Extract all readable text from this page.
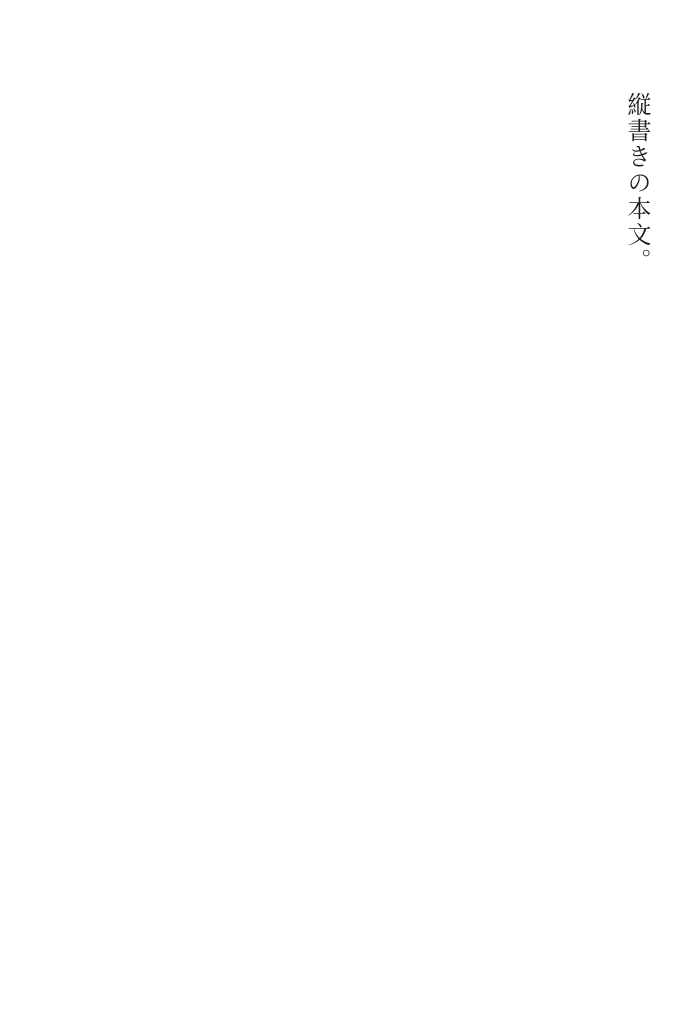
縦書きの本文。
